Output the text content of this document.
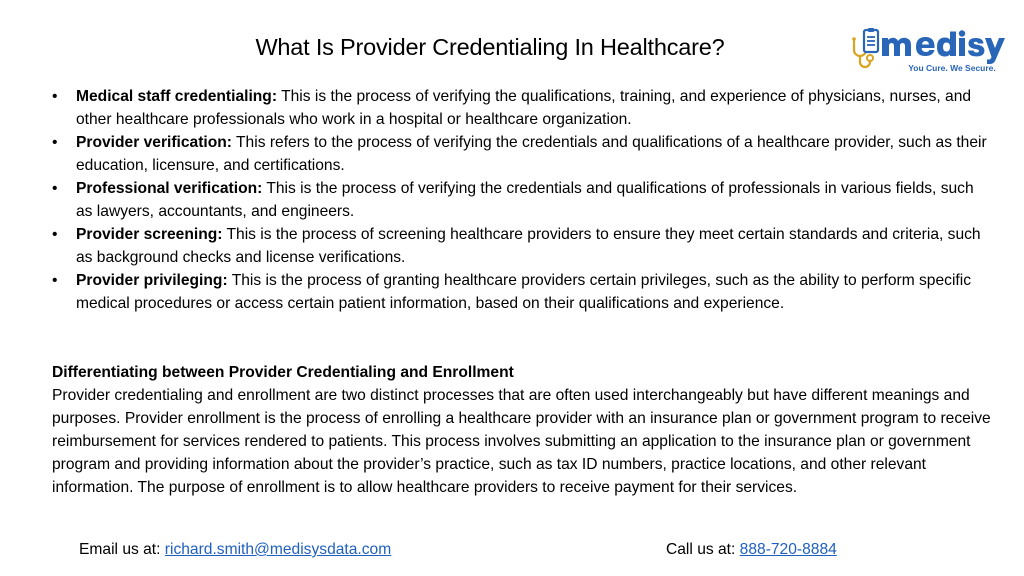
What Is Provider Credentialing In Healthcare?
You Cure. We Secure.
•	Medical staff credentialing: This is the process of verifying the qualifications, training, and experience of physicians, nurses, and other healthcare professionals who work in a hospital or healthcare organization.
•	Provider verification: This refers to the process of verifying the credentials and qualifications of a healthcare provider, such as their education, licensure, and certifications.
•	Professional verification: This is the process of verifying the credentials and qualifications of professionals in various fields, such as lawyers, accountants, and engineers.
•	Provider screening: This is the process of screening healthcare providers to ensure they meet certain standards and criteria, such as background checks and license verifications.
•	Provider privileging: This is the process of granting healthcare providers certain privileges, such as the ability to perform specific medical procedures or access certain patient information, based on their qualifications and experience.

Differentiating between Provider Credentialing and Enrollment

Provider credentialing and enrollment are two distinct processes that are often used interchangeably but have different meanings and purposes. Provider enrollment is the process of enrolling a healthcare provider with an insurance plan or government program to receive reimbursement for services rendered to patients. This process involves submitting an application to the insurance plan or government program and providing information about the provider’s practice, such as tax ID numbers, practice locations, and other relevant information. The purpose of enrollment is to allow healthcare providers to receive payment for their services.

Email us at: richard.smith@medisysdata.com	Call us at: 888-720-8884
